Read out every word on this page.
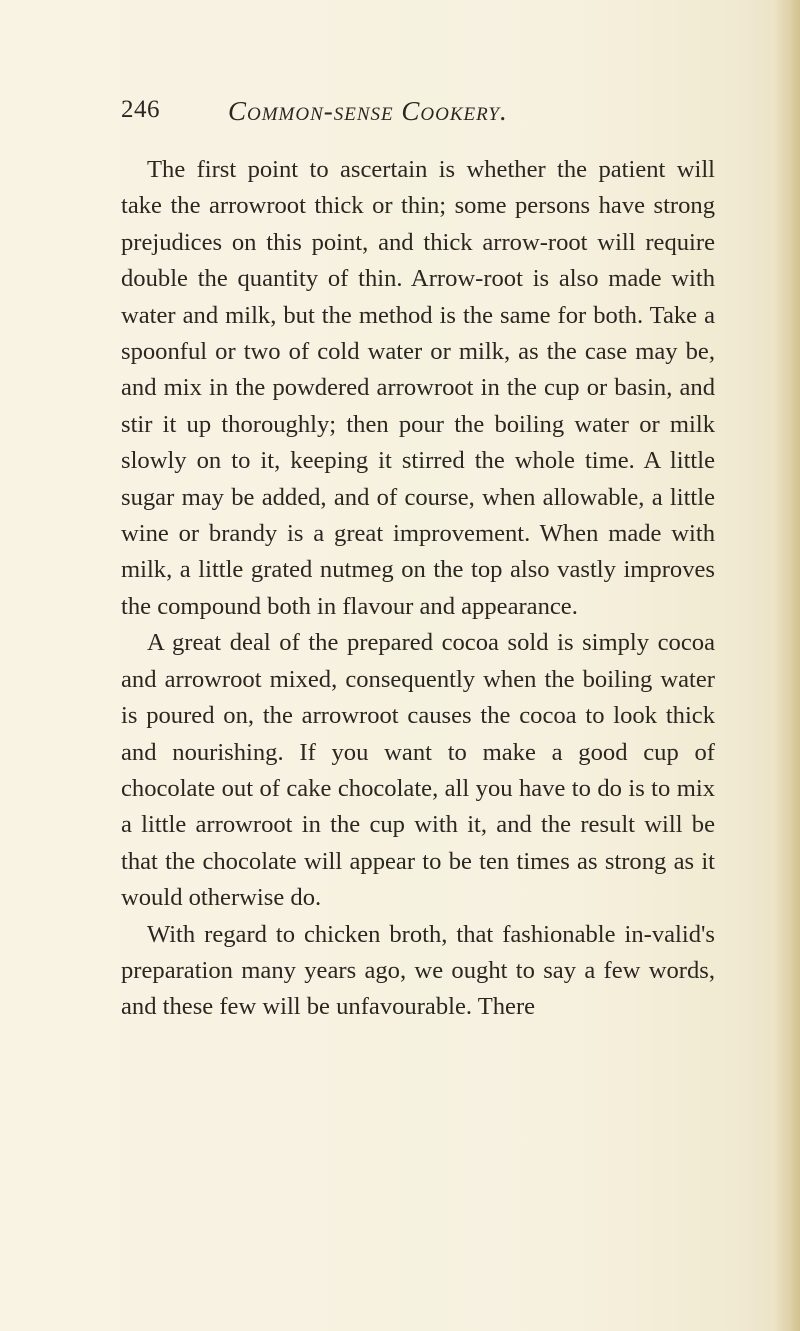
246	Common-sense Cookery.

The first point to ascertain is whether the patient will take the arrowroot thick or thin; some persons have strong prejudices on this point, and thick arrow-root will require double the quantity of thin. Arrow-root is also made with water and milk, but the method is the same for both. Take a spoonful or two of cold water or milk, as the case may be, and mix in the powdered arrowroot in the cup or basin, and stir it up thoroughly; then pour the boiling water or milk slowly on to it, keeping it stirred the whole time. A little sugar may be added, and of course, when allowable, a little wine or brandy is a great improvement. When made with milk, a little grated nutmeg on the top also vastly improves the compound both in flavour and appearance.

A great deal of the prepared cocoa sold is simply cocoa and arrowroot mixed, consequently when the boiling water is poured on, the arrowroot causes the cocoa to look thick and nourishing. If you want to make a good cup of chocolate out of cake chocolate, all you have to do is to mix a little arrowroot in the cup with it, and the result will be that the chocolate will appear to be ten times as strong as it would otherwise do.

With regard to chicken broth, that fashionable in-valid's preparation many years ago, we ought to say a few words, and these few will be unfavourable. There
